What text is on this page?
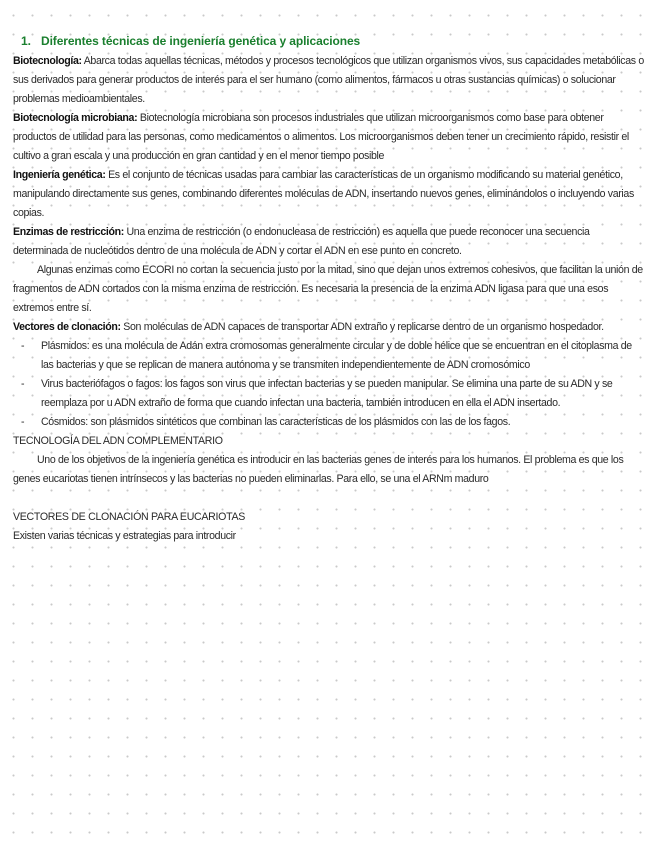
1. Diferentes técnicas de ingeniería genética y aplicaciones

Biotecnología: Abarca todas aquellas técnicas, métodos y procesos tecnológicos que utilizan organismos vivos, sus capacidades metabólicas o sus derivados para generar productos de interés para el ser humano (como alimentos, fármacos u otras sustancias químicas) o solucionar problemas medioambientales.

Biotecnología microbiana: Biotecnología microbiana son procesos industriales que utilizan microorganismos como base para obtener productos de utilidad para las personas, como medicamentos o alimentos. Los microorganismos deben tener un crecimiento rápido, resistir el cultivo a gran escala y una producción en gran cantidad y en el menor tiempo posible

Ingeniería genética: Es el conjunto de técnicas usadas para cambiar las características de un organismo modificando su material genético, manipulando directamente sus genes, combinando diferentes moléculas de ADN, insertando nuevos genes, eliminándolos o incluyendo varias copias.

Enzimas de restricción: Una enzima de restricción (o endonucleasa de restricción) es aquella que puede reconocer una secuencia determinada de nucleótidos dentro de una molécula de ADN y cortar el ADN en ese punto en concreto.

Algunas enzimas como ECORI no cortan la secuencia justo por la mitad, sino que dejan unos extremos cohesivos, que facilitan la unión de fragmentos de ADN cortados con la misma enzima de restricción. Es necesaria la presencia de la enzima ADN ligasa para que una esos extremos entre sí.

Vectores de clonación: Son moléculas de ADN capaces de transportar ADN extraño y replicarse dentro de un organismo hospedador.

- Plásmidos: es una molécula de Adán extra cromosomas generalmente circular y de doble hélice que se encuentran en el citoplasma de las bacterias y que se replican de manera autónoma y se transmiten independientemente de ADN cromosómico
- Virus bacteriófagos o fagos: los fagos son virus que infectan bacterias y se pueden manipular. Se elimina una parte de su ADN y se reemplaza por u ADN extraño de forma que cuando infectan una bacteria, también introducen en ella el ADN insertado.
- Cósmidos: son plásmidos sintéticos que combinan las características de los plásmidos con las de los fagos.

TECNOLOGÍA DEL ADN COMPLEMENTARIO

Uno de los objetivos de la ingeniería genética es introducir en las bacterias genes de interés para los humanos. El problema es que los genes eucariotas tienen intrínsecos y las bacterias no pueden eliminarlas. Para ello, se una el ARNm maduro

VECTORES DE CLONACIÓN PARA EUCARIOTAS

Existen varias técnicas y estrategias para introducir
